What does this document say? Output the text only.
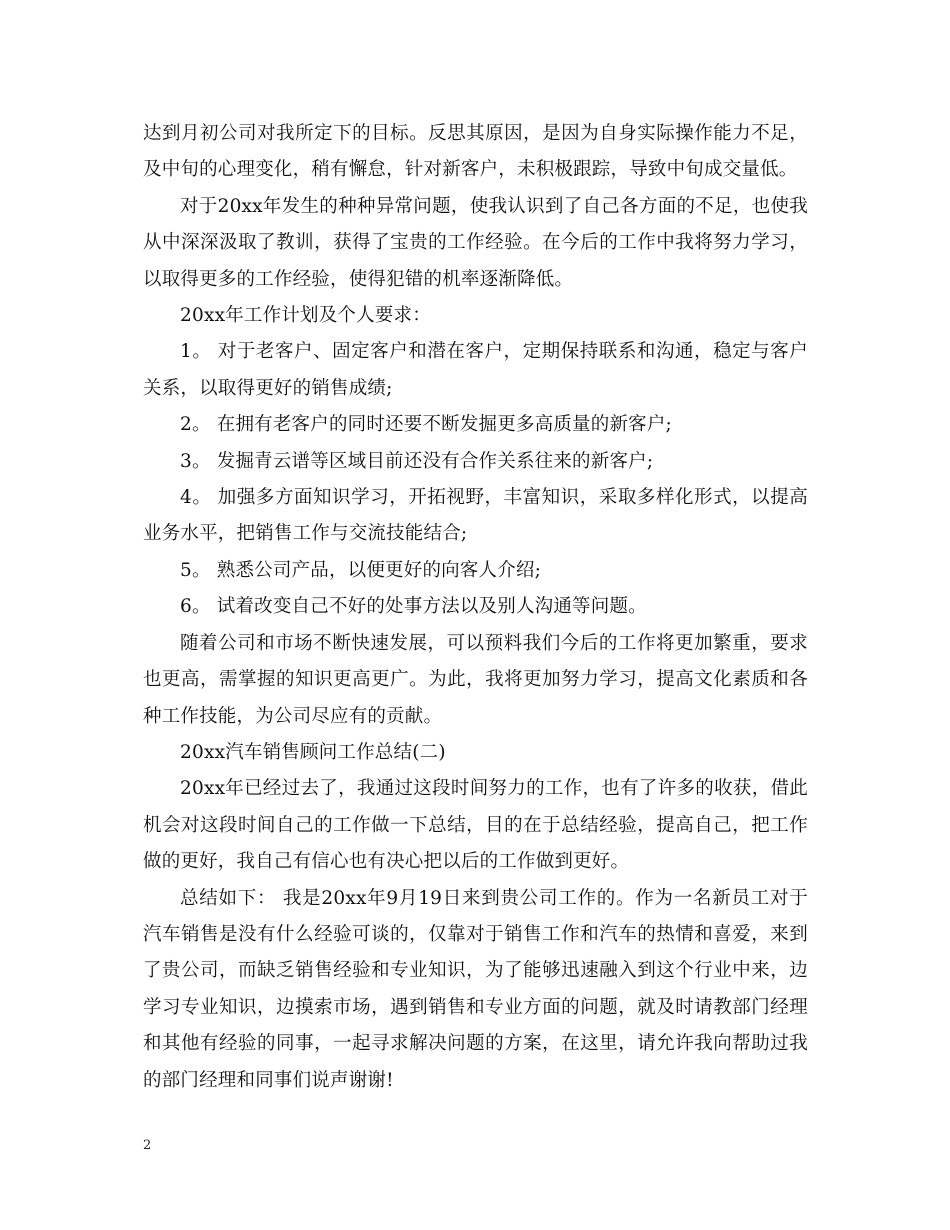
达到月初公司对我所定下的目标。反思其原因，是因为自身实际操作能力不足，及中旬的心理变化，稍有懈怠，针对新客户，未积极跟踪，导致中旬成交量低。

对于20xx年发生的种种异常问题，使我认识到了自己各方面的不足，也使我从中深深汲取了教训，获得了宝贵的工作经验。在今后的工作中我将努力学习，以取得更多的工作经验，使得犯错的机率逐渐降低。

20xx年工作计划及个人要求：

1。 对于老客户、固定客户和潜在客户，定期保持联系和沟通，稳定与客户关系，以取得更好的销售成绩;

2。 在拥有老客户的同时还要不断发掘更多高质量的新客户;

3。 发掘青云谱等区域目前还没有合作关系往来的新客户;

4。 加强多方面知识学习，开拓视野，丰富知识，采取多样化形式，以提高业务水平，把销售工作与交流技能结合;

5。 熟悉公司产品，以便更好的向客人介绍;

6。 试着改变自己不好的处事方法以及别人沟通等问题。

随着公司和市场不断快速发展，可以预料我们今后的工作将更加繁重，要求也更高，需掌握的知识更高更广。为此，我将更加努力学习，提高文化素质和各种工作技能，为公司尽应有的贡献。

20xx汽车销售顾问工作总结(二)

20xx年已经过去了，我通过这段时间努力的工作，也有了许多的收获，借此机会对这段时间自己的工作做一下总结，目的在于总结经验，提高自己，把工作做的更好，我自己有信心也有决心把以后的工作做到更好。

总结如下： 我是20xx年9月19日来到贵公司工作的。作为一名新员工对于汽车销售是没有什么经验可谈的，仅靠对于销售工作和汽车的热情和喜爱，来到了贵公司，而缺乏销售经验和专业知识，为了能够迅速融入到这个行业中来，边学习专业知识，边摸索市场，遇到销售和专业方面的问题，就及时请教部门经理和其他有经验的同事，一起寻求解决问题的方案，在这里，请允许我向帮助过我的部门经理和同事们说声谢谢!

2
